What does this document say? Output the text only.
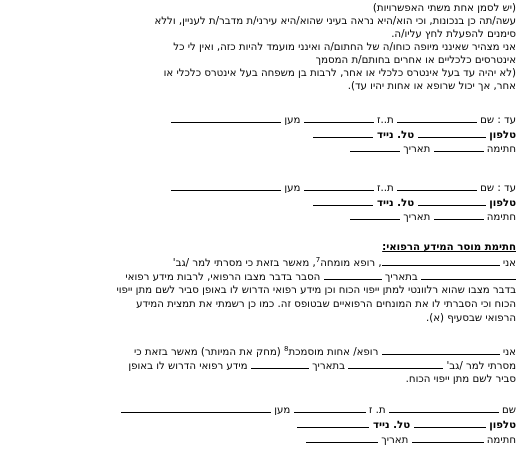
(יש לסמן אחת משתי האפשרויות)
עשה/תה כן בנכונות, וכי הוא/היא נראה בעיני שהוא/היא עירני/ת מדבר/ת לעניין, וללא
סימנים להפעלת לחץ עליו/ה.
אני מצהיר שאינני מיופה כוחו/ה של החתום/ה ואינני מועמד להיות כזה, ואין לי כל
אינטרסים כלכליים או אחרים בחותם/ת המסמך
(לא יהיה עד בעל אינטרס כלכלי או אחר, לרבות בן משפחה בעל אינטרס כלכלי או
אחר, אך יכול שרופא או אחות יהיו עד).
עד : שם  ת..ז  מען
טלפון  טל. נייד
חתימה  תאריך
עד : שם  ת..ז  מען
טלפון  טל. נייד
חתימה  תאריך
חתימת מוסר המידע הרפואי:
אני , רופא מומחה$^7$, מאשר בזאת כי מסרתי למר /גב'
בתאריך  הסבר בדבר מצבו הרפואי, לרבות מידע רפואי
בדבר מצבו שהוא רלוונטי למתן ייפוי הכוח וכן מידע רפואי הדרוש לו באופן סביר לשם מתן ייפוי
הכוח וכי הסברתי לו את המונחים הרפואיים שבטופס זה. כמו כן רשמתי את תמצית המידע
הרפואי שבסעיף (א).
אני  רופא/ אחות מוסמכת$^8$ (מחק את המיותר) מאשר בזאת כי
מסרתי למר /גב'  בתאריך  מידע רפואי הדרוש לו באופן
סביר לשם מתן ייפוי הכוח.
שם  ת. ז  מען
טלפון  טל. נייד
חתימה  תאריך
